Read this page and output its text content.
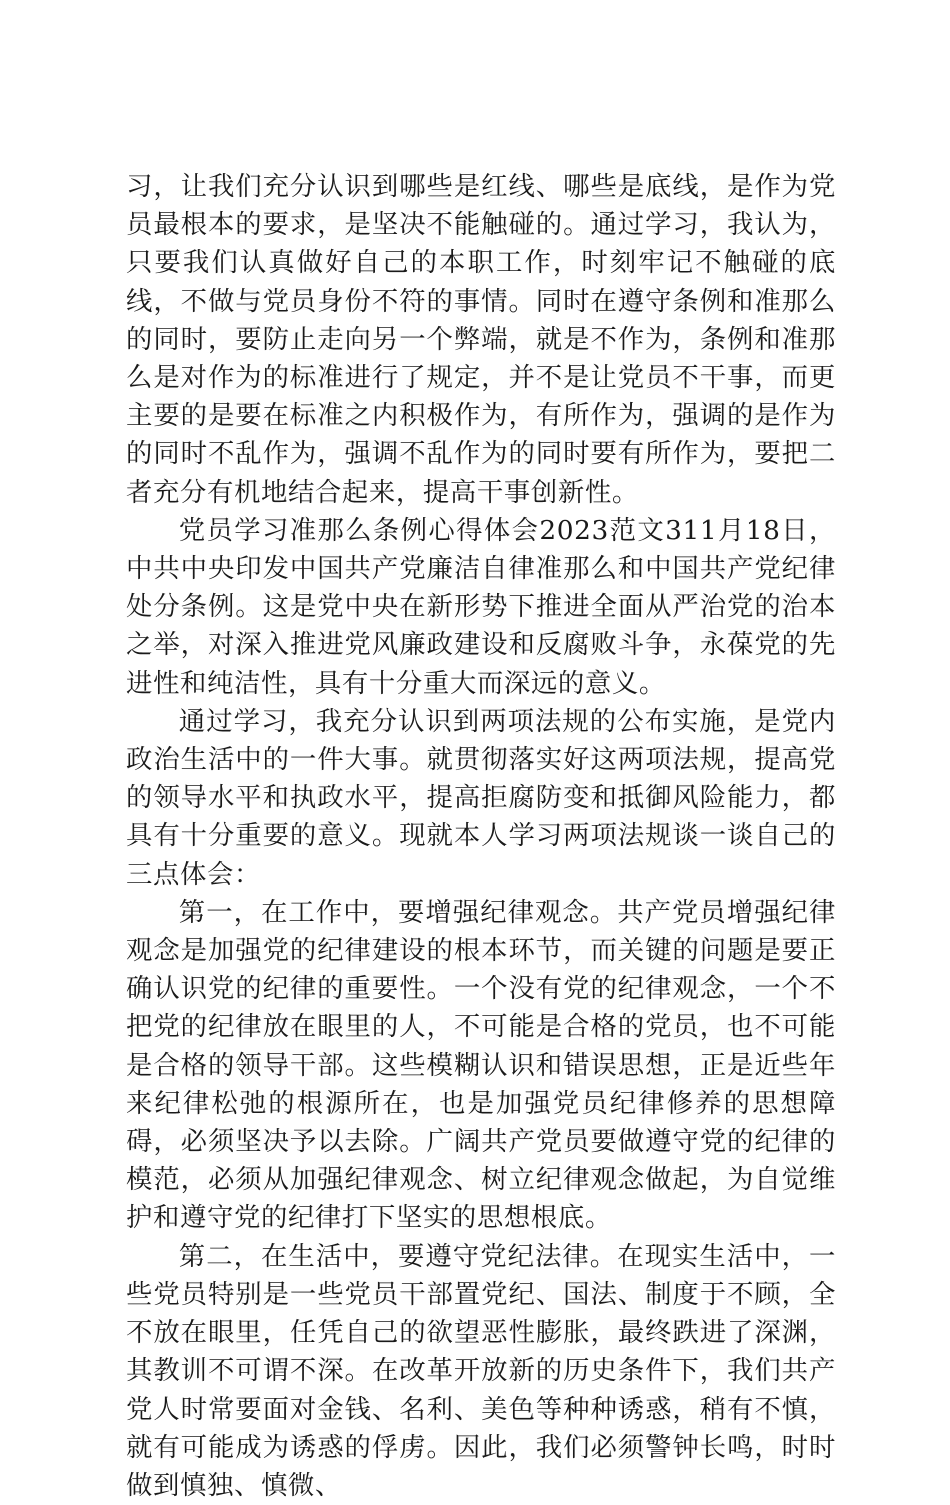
习，让我们充分认识到哪些是红线、哪些是底线，是作为党员最根本的要求，是坚决不能触碰的。通过学习，我认为，只要我们认真做好自己的本职工作，时刻牢记不触碰的底线，不做与党员身份不符的事情。同时在遵守条例和准那么的同时，要防止走向另一个弊端，就是不作为，条例和准那么是对作为的标准进行了规定，并不是让党员不干事，而更主要的是要在标准之内积极作为，有所作为，强调的是作为的同时不乱作为，强调不乱作为的同时要有所作为，要把二者充分有机地结合起来，提高干事创新性。

党员学习准那么条例心得体会2023范文311月18日，中共中央印发中国共产党廉洁自律准那么和中国共产党纪律处分条例。这是党中央在新形势下推进全面从严治党的治本之举，对深入推进党风廉政建设和反腐败斗争，永葆党的先进性和纯洁性，具有十分重大而深远的意义。

通过学习，我充分认识到两项法规的公布实施，是党内政治生活中的一件大事。就贯彻落实好这两项法规，提高党的领导水平和执政水平，提高拒腐防变和抵御风险能力，都具有十分重要的意义。现就本人学习两项法规谈一谈自己的三点体会：

第一，在工作中，要增强纪律观念。共产党员增强纪律观念是加强党的纪律建设的根本环节，而关键的问题是要正确认识党的纪律的重要性。一个没有党的纪律观念，一个不把党的纪律放在眼里的人，不可能是合格的党员，也不可能是合格的领导干部。这些模糊认识和错误思想，正是近些年来纪律松弛的根源所在，也是加强党员纪律修养的思想障碍，必须坚决予以去除。广阔共产党员要做遵守党的纪律的模范，必须从加强纪律观念、树立纪律观念做起，为自觉维护和遵守党的纪律打下坚实的思想根底。

第二，在生活中，要遵守党纪法律。在现实生活中，一些党员特别是一些党员干部置党纪、国法、制度于不顾，全不放在眼里，任凭自己的欲望恶性膨胀，最终跌进了深渊，其教训不可谓不深。在改革开放新的历史条件下，我们共产党人时常要面对金钱、名利、美色等种种诱惑，稍有不慎，就有可能成为诱惑的俘虏。因此，我们必须警钟长鸣，时时做到慎独、慎微、
